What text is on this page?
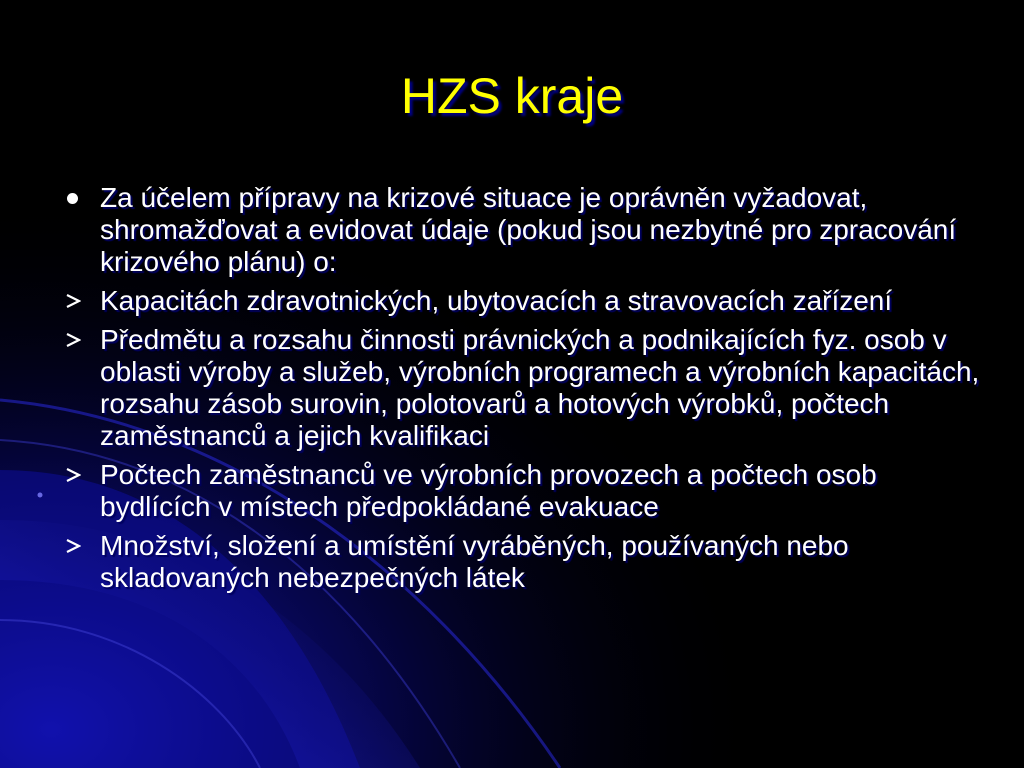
HZS kraje
Za účelem přípravy na krizové situace je oprávněn vyžadovat, shromažďovat a evidovat údaje (pokud jsou nezbytné pro zpracování krizového plánu) o:
Kapacitách zdravotnických, ubytovacích a stravovacích zařízení
Předmětu a rozsahu činnosti právnických a podnikajících fyz. osob v oblasti výroby a služeb, výrobních programech a výrobních kapacitách, rozsahu zásob surovin, polotovarů a hotových výrobků, počtech zaměstnanců a jejich kvalifikaci
Počtech zaměstnanců ve výrobních provozech a počtech osob bydlících v místech předpokládané evakuace
Množství, složení a umístění vyráběných, používaných nebo skladovaných nebezpečných látek
